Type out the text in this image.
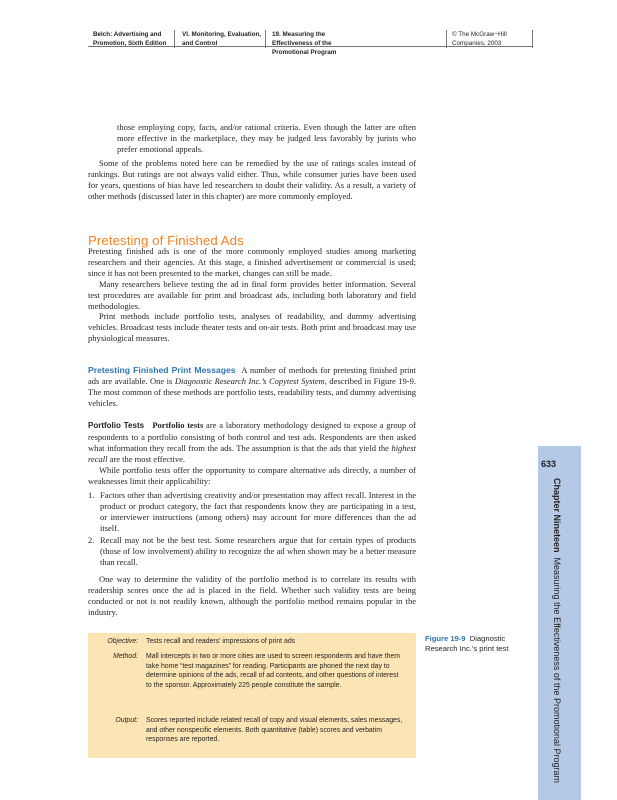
Belch: Advertising and
Promotion, Sixth Edition
VI. Monitoring, Evaluation,
and Control
19. Measuring the
Effectiveness of the
Promotional Program
© The McGraw−Hill
Companies, 2003

those employing copy, facts, and/or rational criteria. Even though the latter are often more effective in the marketplace, they may be judged less favorably by jurists who prefer emotional appeals.

Some of the problems noted here can be remedied by the use of ratings scales instead of rankings. But ratings are not always valid either. Thus, while consumer juries have been used for years, questions of bias have led researchers to doubt their validity. As a result, a variety of other methods (discussed later in this chapter) are more commonly employed.

Pretesting of Finished Ads

Pretesting finished ads is one of the more commonly employed studies among marketing researchers and their agencies. At this stage, a finished advertisement or commercial is used; since it has not been presented to the market, changes can still be made.

Many researchers believe testing the ad in final form provides better information. Several test procedures are available for print and broadcast ads, including both laboratory and field methodologies.

Print methods include portfolio tests, analyses of readability, and dummy advertising vehicles. Broadcast tests include theater tests and on-air tests. Both print and broadcast may use physiological measures.

Pretesting Finished Print Messages A number of methods for pretesting finished print ads are available. One is Diagnostic Research Inc.’s Copytest System, described in Figure 19-9. The most common of these methods are portfolio tests, readability tests, and dummy advertising vehicles.

Portfolio Tests Portfolio tests are a laboratory methodology designed to expose a group of respondents to a portfolio consisting of both control and test ads. Respondents are then asked what information they recall from the ads. The assumption is that the ads that yield the highest recall are the most effective.

While portfolio tests offer the opportunity to compare alternative ads directly, a number of weaknesses limit their applicability:

1. Factors other than advertising creativity and/or presentation may affect recall. Interest in the product or product category, the fact that respondents know they are participating in a test, or interviewer instructions (among others) may account for more differences than the ad itself.
2. Recall may not be the best test. Some researchers argue that for certain types of products (those of low involvement) ability to recognize the ad when shown may be a better measure than recall.

One way to determine the validity of the portfolio method is to correlate its results with readership scores once the ad is placed in the field. Whether such validity tests are being conducted or not is not readily known, although the portfolio method remains popular in the industry.

633
Chapter Nineteen  Measuring the Effectiveness of the Promotional Program
Objective: Tests recall and readers’ impressions of print ads
Method: Mall intercepts in two or more cities are used to screen respondents and have them take home “test magazines” for reading. Participants are phoned the next day to determine opinions of the ads, recall of ad contents, and other questions of interest to the sponsor. Approximately 225 people constitute the sample.
Output: Scores reported include related recall of copy and visual elements, sales messages, and other nonspecific elements. Both quantitative (table) scores and verbatim responses are reported.
Figure 19-9 Diagnostic Research Inc.’s print test
